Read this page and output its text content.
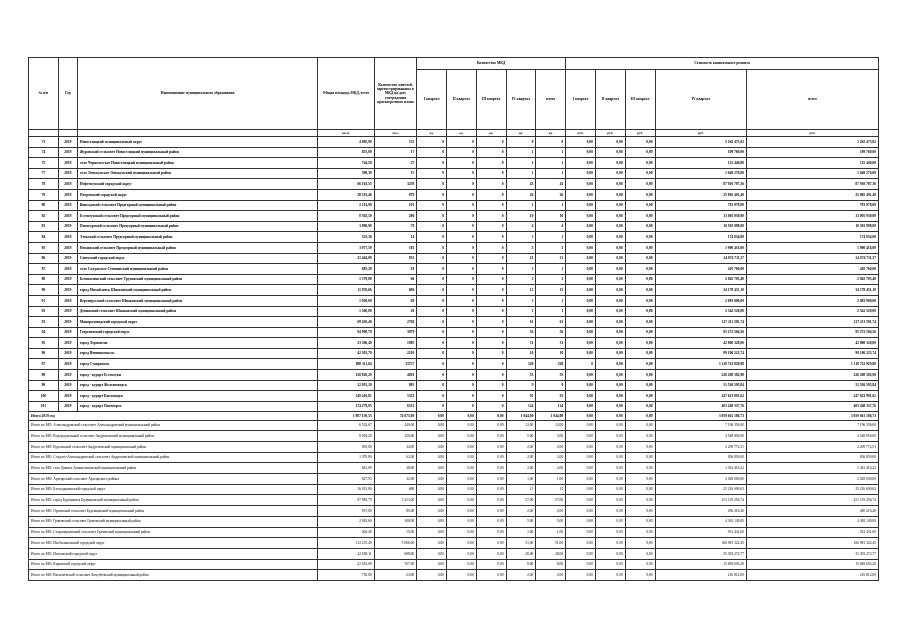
№ п/п	Год	Наименование муниципального образования	Общая площадь МКД, всего	Количество жителей, зарегистрированных в МКД на дату утверждения краткосрочного плана	Количество МКД					Стоимость капитального ремонта				
					I квартал	II квартал	III квартал	IV квартал	итого	I квартал	II квартал	III квартал	IV квартал	всего
			кв.м.	чел.	ед.	ед.	ед.	ед.	ед.	руб.	руб.	руб.	руб.	руб.
73	2019	Новоселицкий муниципальный округ	4 085,90	135	0	0	0	8	8	0,00	0,00	0,00	5 262 475,02	5 262 475,02
74	2019	Журавский сельсовет Новоселицкий муниципальный район	655,00	17	0	0	0	1	1	0,00	0,00	0,00	109 760,00	109 760,00
75	2019	село Чернолесское Новоселицкий муниципальный район	744,50	27	0	0	0	1	1	0,00	0,00	0,00	125 440,00	125 440,00
77	2019	село Левокумское Левокумский муниципальный район	390,30	15	0	0	0	1	1	0,00	0,00	0,00	1 649 276,00	1 649 276,00
78	2019	Нефтекумский городской округ	66 102,55	3259	0	0	0	43	43	0,00	0,00	0,00	87 910 787,36	87 910 787,36
79	2019	Петровский городской округ	28 525,46	879	0	0	0	26	26	0,00	0,00	0,00	25 865 401,40	25 865 401,40
80	2019	Винсадский сельсовет Предгорный муниципальный район	2 214,90	101	0	0	0	1	1	0,00	0,00	0,00	781 978,00	781 978,00
82	2019	Ессентукский сельсовет Предгорный муниципальный район	8 302,10	296	0	0	0	10	10	0,00	0,00	0,00	33 005 930,00	33 005 930,00
83	2019	Пятигорский сельсовет Предгорный муниципальный район	3 800,90	79	0	0	0	4	4	0,00	0,00	0,00	10 503 998,00	10 503 998,00
84	2019	Этокский сельсовет Предгорный муниципальный район	323,36	14	0	0	0	1	1	0,00	0,00	0,00	174 034,00	174 034,00
85	2019	Нежинский сельсовет Предгорный муниципальный район	3 977,50	183	0	0	0	5	5	0,00	0,00	0,00	1 900 416,00	1 900 416,00
86	2019	Советский городской округ	21 444,09	933	0	0	0	21	21	0,00	0,00	0,00	24 074 711,37	24 074 711,37
87	2019	село Солдатское Степновский муниципальный район	685,29	18	0	0	0	1	1	0,00	0,00	0,00	410 760,00	410 760,00
88	2019	Безопасненский сельсовет Труновский муниципальный район	1 579,80	66	0	0	0	3	3	0,00	0,00	0,00	2 045 703,40	2 045 703,40
90	2019	город Михайловск Шпаковский муниципальный район	11 976,66	696	0	0	0	15	15	0,00	0,00	0,00	34 178 451,10	34 178 451,10
91	2019	Верхнерусский сельсовет Шпаковский муниципальный район	1 950,00	69	0	0	0	1	1	0,00	0,00	0,00	2 083 900,00	2 083 900,00
92	2019	Дёминский сельсовет Шпаковский муниципальный район	1 560,00	20	0	0	0	1	1	0,00	0,00	0,00	2 342 520,00	2 342 520,00
93	2019	Минераловодский городской округ	69 430,40	2769	0	0	0	61	61	0,00	0,00	0,00	127 211 591,74	127 211 591,74
94	2019	Георгиевский городской округ	94 990,70	3879	0	0	0	56	56	0,00	0,00	0,00	95 272 504,56	95 272 504,56
95	2019	город Лермонтов	23 306,40	1095	0	0	0	31	31	0,00	0,00	0,00	42 800 328,00	42 800 328,00
96	2019	город Невинномысск	42 303,70	2210	0	0	0	16	16	0,00	0,00	0,00	99 106 223,74	99 106 223,74
97	2019	город Ставрополь	890 311,04	33737	0	0	0	328	328	0	0,00	0,00	1 118 741 929,88	1 118 741 929,88
98	2019	город - курорт Ессентуки	120 820,29	4819	0	0	0	55	55	0,00	0,00	0,00	226 208 582,98	226 208 582,98
99	2019	город - курорт Железноводск	22 055,10	805	0	0	0	9	9	0,00	0,00	0,00	51 526 595,84	51 526 595,84
100	2019	город - курорт Кисловодск	149 416,81	5323	0	0	0	91	91	0,00	0,00	0,00	247 623 991,62	247 623 991,62
101	2019	город - курорт Пятигорск	174 279,93	6512	0	0	0	124	124	0,00	0,00	0,00	403 248 337,76	403 248 337,76
Итого 2019 год			1 987 150,53	74 075,00	0,00	0,00	0,00	1 044,00	1 044,00	0,00	0,00	0,00	3 059 661 186,73	3 059 661 186,73
Итого по МО: Александровский сельсовет Александровский муниципальный район			6 532,67	240,00	0,00	0,00	0,00	12,00	12,00	0,00	0,00	0,00	7 196 356,00	7 196 356,00
Итого по МО: Водораздельный сельсовет Андроповский муниципальный район			8 094,20	256,00	0,00	0,00	0,00	5,00	5,00	0,00	0,00	0,00	4 548 856,00	4 548 856,00
Итого по МО: Курсавский сельсовет Андроповский муниципальный район			695,00	34,00	0,00	0,00	0,00	2,00	2,00	0,00	0,00	0,00	2 209 772,51	2 209 772,51
Итого по МО: Солдато-Александровский сельсовет Андроповский муниципальный район			1 070,09	62,00	0,00	0,00	0,00	2,00	2,00	0,00	0,00	0,00	836 850,00	836 850,00
Итого по МО: село Дивное Апанасенковский муниципальный район			841,09	38,00	0,00	0,00	0,00	2,00	2,00	0,00	0,00	0,00	1 361 416,22	1 361 416,22
Итого по МО: Арзгирский сельсовет Арзгирского района			827,93	32,00	0,00	0,00	0,00	1,00	1,00	0,00	0,00	0,00	2 028 000,00	2 028 000,00
Итого по МО: Благодарненский городской округ			16 015,00	688	0,00	0,00	0,00	15	15	0,00	0,00	0,00	25 216 690,63	25 216 690,63
Итого по МО: город Буденновск Буденновский муниципальный район			97 983,79	3 213,00	0,00	0,00	0,00	57,00	57,00	0,00	0,00	0,00	251 119 256,74	251 119 256,74
Итого по МО: Орловский сельсовет Буденновский муниципальный район			937,00	85,00	0,00	0,00	0,00	2,00	2,00	0,00	0,00	0,00	450 216,40	450 216,40
Итого по МО: Грачевский сельсовет Грачевский муниципальный район			2 945,60	108,00	0,00	0,00	0,00	5,00	5,00	0,00	0,00	0,00	4 365 140,00	4 365 140,00
Итого по МО: Старомарьевский сельсовет Грачевский муниципальный район			404,40	15,00	0,00	0,00	0,00	1,00	1,00	0,00	0,00	0,00	912 441,60	912 441,60
Итого по МО: Изобильненский городской округ			112 255,40	5 066,00	0,00	0,00	0,00	51,00	51,00	0,00	0,00	0,00	166 981 322,45	166 981 322,45
Итого по МО: Ипатовский городской округ			22 658,11	688,00	0,00	0,00	0,00	28,00	28,00	0,00	0,00	0,00	35 393 272,77	35 393 272,77
Итого по МО: Кировский городской округ			21 633,00	767,00	0,00	0,00	0,00	8,00	8,00	0,00	0,00	0,00	15 849 603,20	15 849 603,20
Итого по МО: Васильевский сельсовет Кочубеевский муниципальный район			750,00	23,00	0,00	0,00	0,00	2,00	2,00	0,00	0,00	0,00	216 812,00	216 812,00
